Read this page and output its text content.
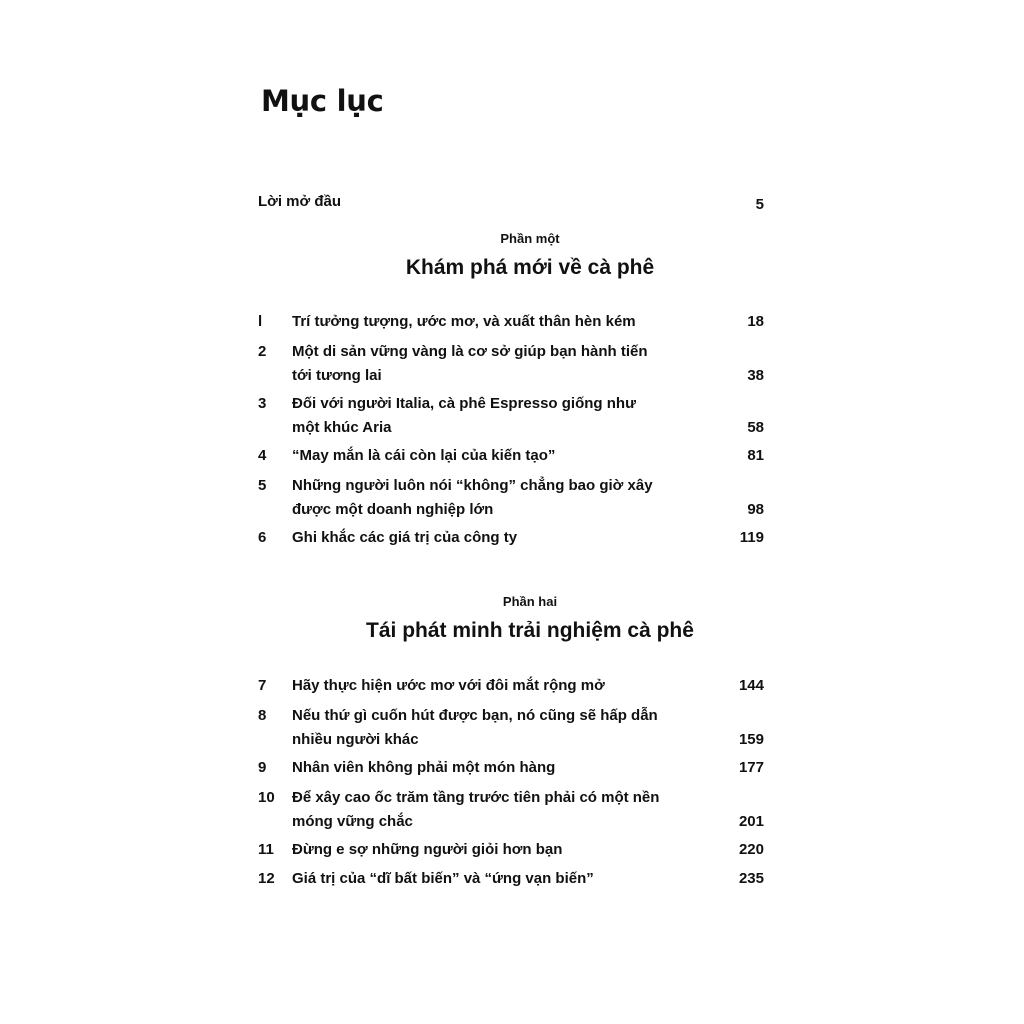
Mục lục
Lời mở đầu	5
Phần một
Khám phá mới về cà phê
l	Trí tưởng tượng, ước mơ, và xuất thân hèn kém	18
2	Một di sản vững vàng là cơ sở giúp bạn hành tiến tới tương lai	38
3	Đối với người Italia, cà phê Espresso giống như một khúc Aria	58
4	“May mắn là cái còn lại của kiến tạo”	81
5	Những người luôn nói “không” chẳng bao giờ xây được một doanh nghiệp lớn	98
6	Ghi khắc các giá trị của công ty	119
Phần hai
Tái phát minh trải nghiệm cà phê
7	Hãy thực hiện ước mơ với đôi mắt rộng mở	144
8	Nếu thứ gì cuốn hút được bạn, nó cũng sẽ hấp dẫn nhiều người khác	159
9	Nhân viên không phải một món hàng	177
10	Để xây cao ốc trăm tầng trước tiên phải có một nền móng vững chắc	201
11	Đừng e sợ những người giỏi hơn bạn	220
12	Giá trị của “dĩ bất biến” và “ứng vạn biến”	235
